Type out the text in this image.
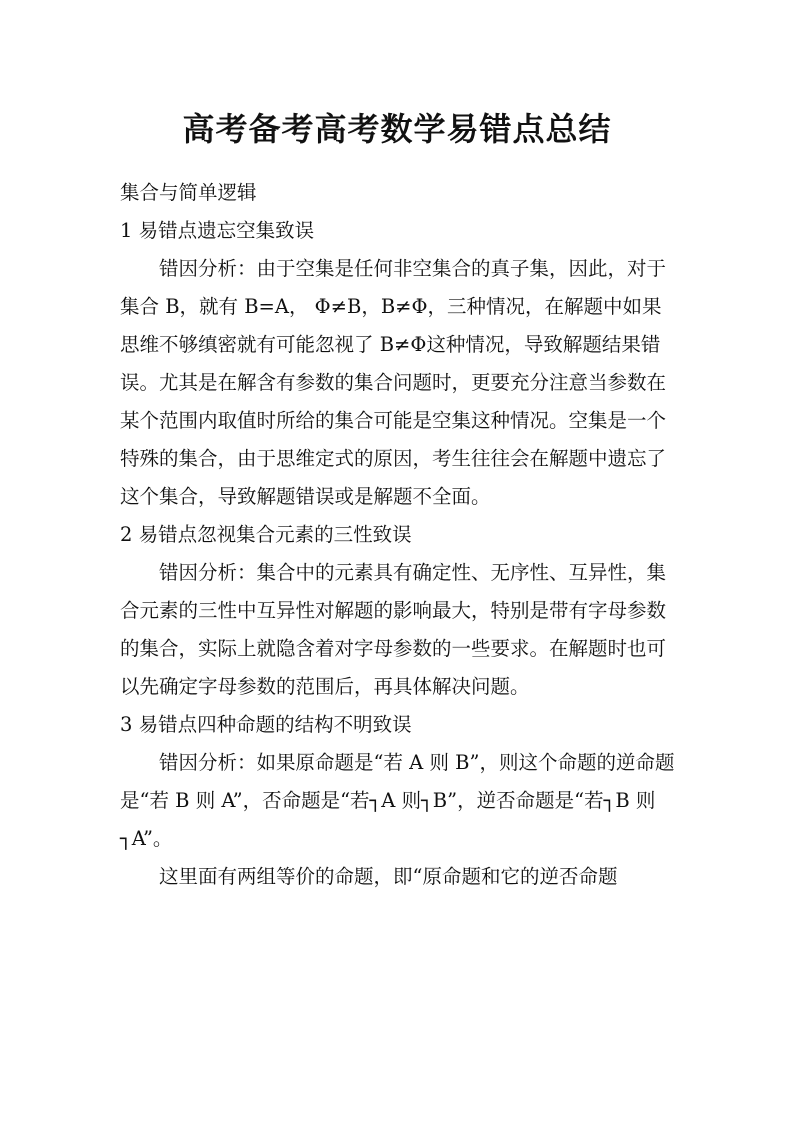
高考备考高考数学易错点总结

集合与简单逻辑

1 易错点遗忘空集致误

错因分析：由于空集是任何非空集合的真子集，因此，对于集合 B，就有 B=A， Φ≠B，B≠Φ，三种情况，在解题中如果思维不够缜密就有可能忽视了 B≠Φ这种情况，导致解题结果错误。尤其是在解含有参数的集合问题时，更要充分注意当参数在某个范围内取值时所给的集合可能是空集这种情况。空集是一个特殊的集合，由于思维定式的原因，考生往往会在解题中遗忘了这个集合，导致解题错误或是解题不全面。

2 易错点忽视集合元素的三性致误

错因分析：集合中的元素具有确定性、无序性、互异性，集合元素的三性中互异性对解题的影响最大，特别是带有字母参数的集合，实际上就隐含着对字母参数的一些要求。在解题时也可以先确定字母参数的范围后，再具体解决问题。

3 易错点四种命题的结构不明致误

错因分析：如果原命题是“若 A 则 B”，则这个命题的逆命题是“若 B 则 A”，否命题是“若┐A 则┐B”，逆否命题是“若┐B 则┐A”。

这里面有两组等价的命题，即“原命题和它的逆否命题
